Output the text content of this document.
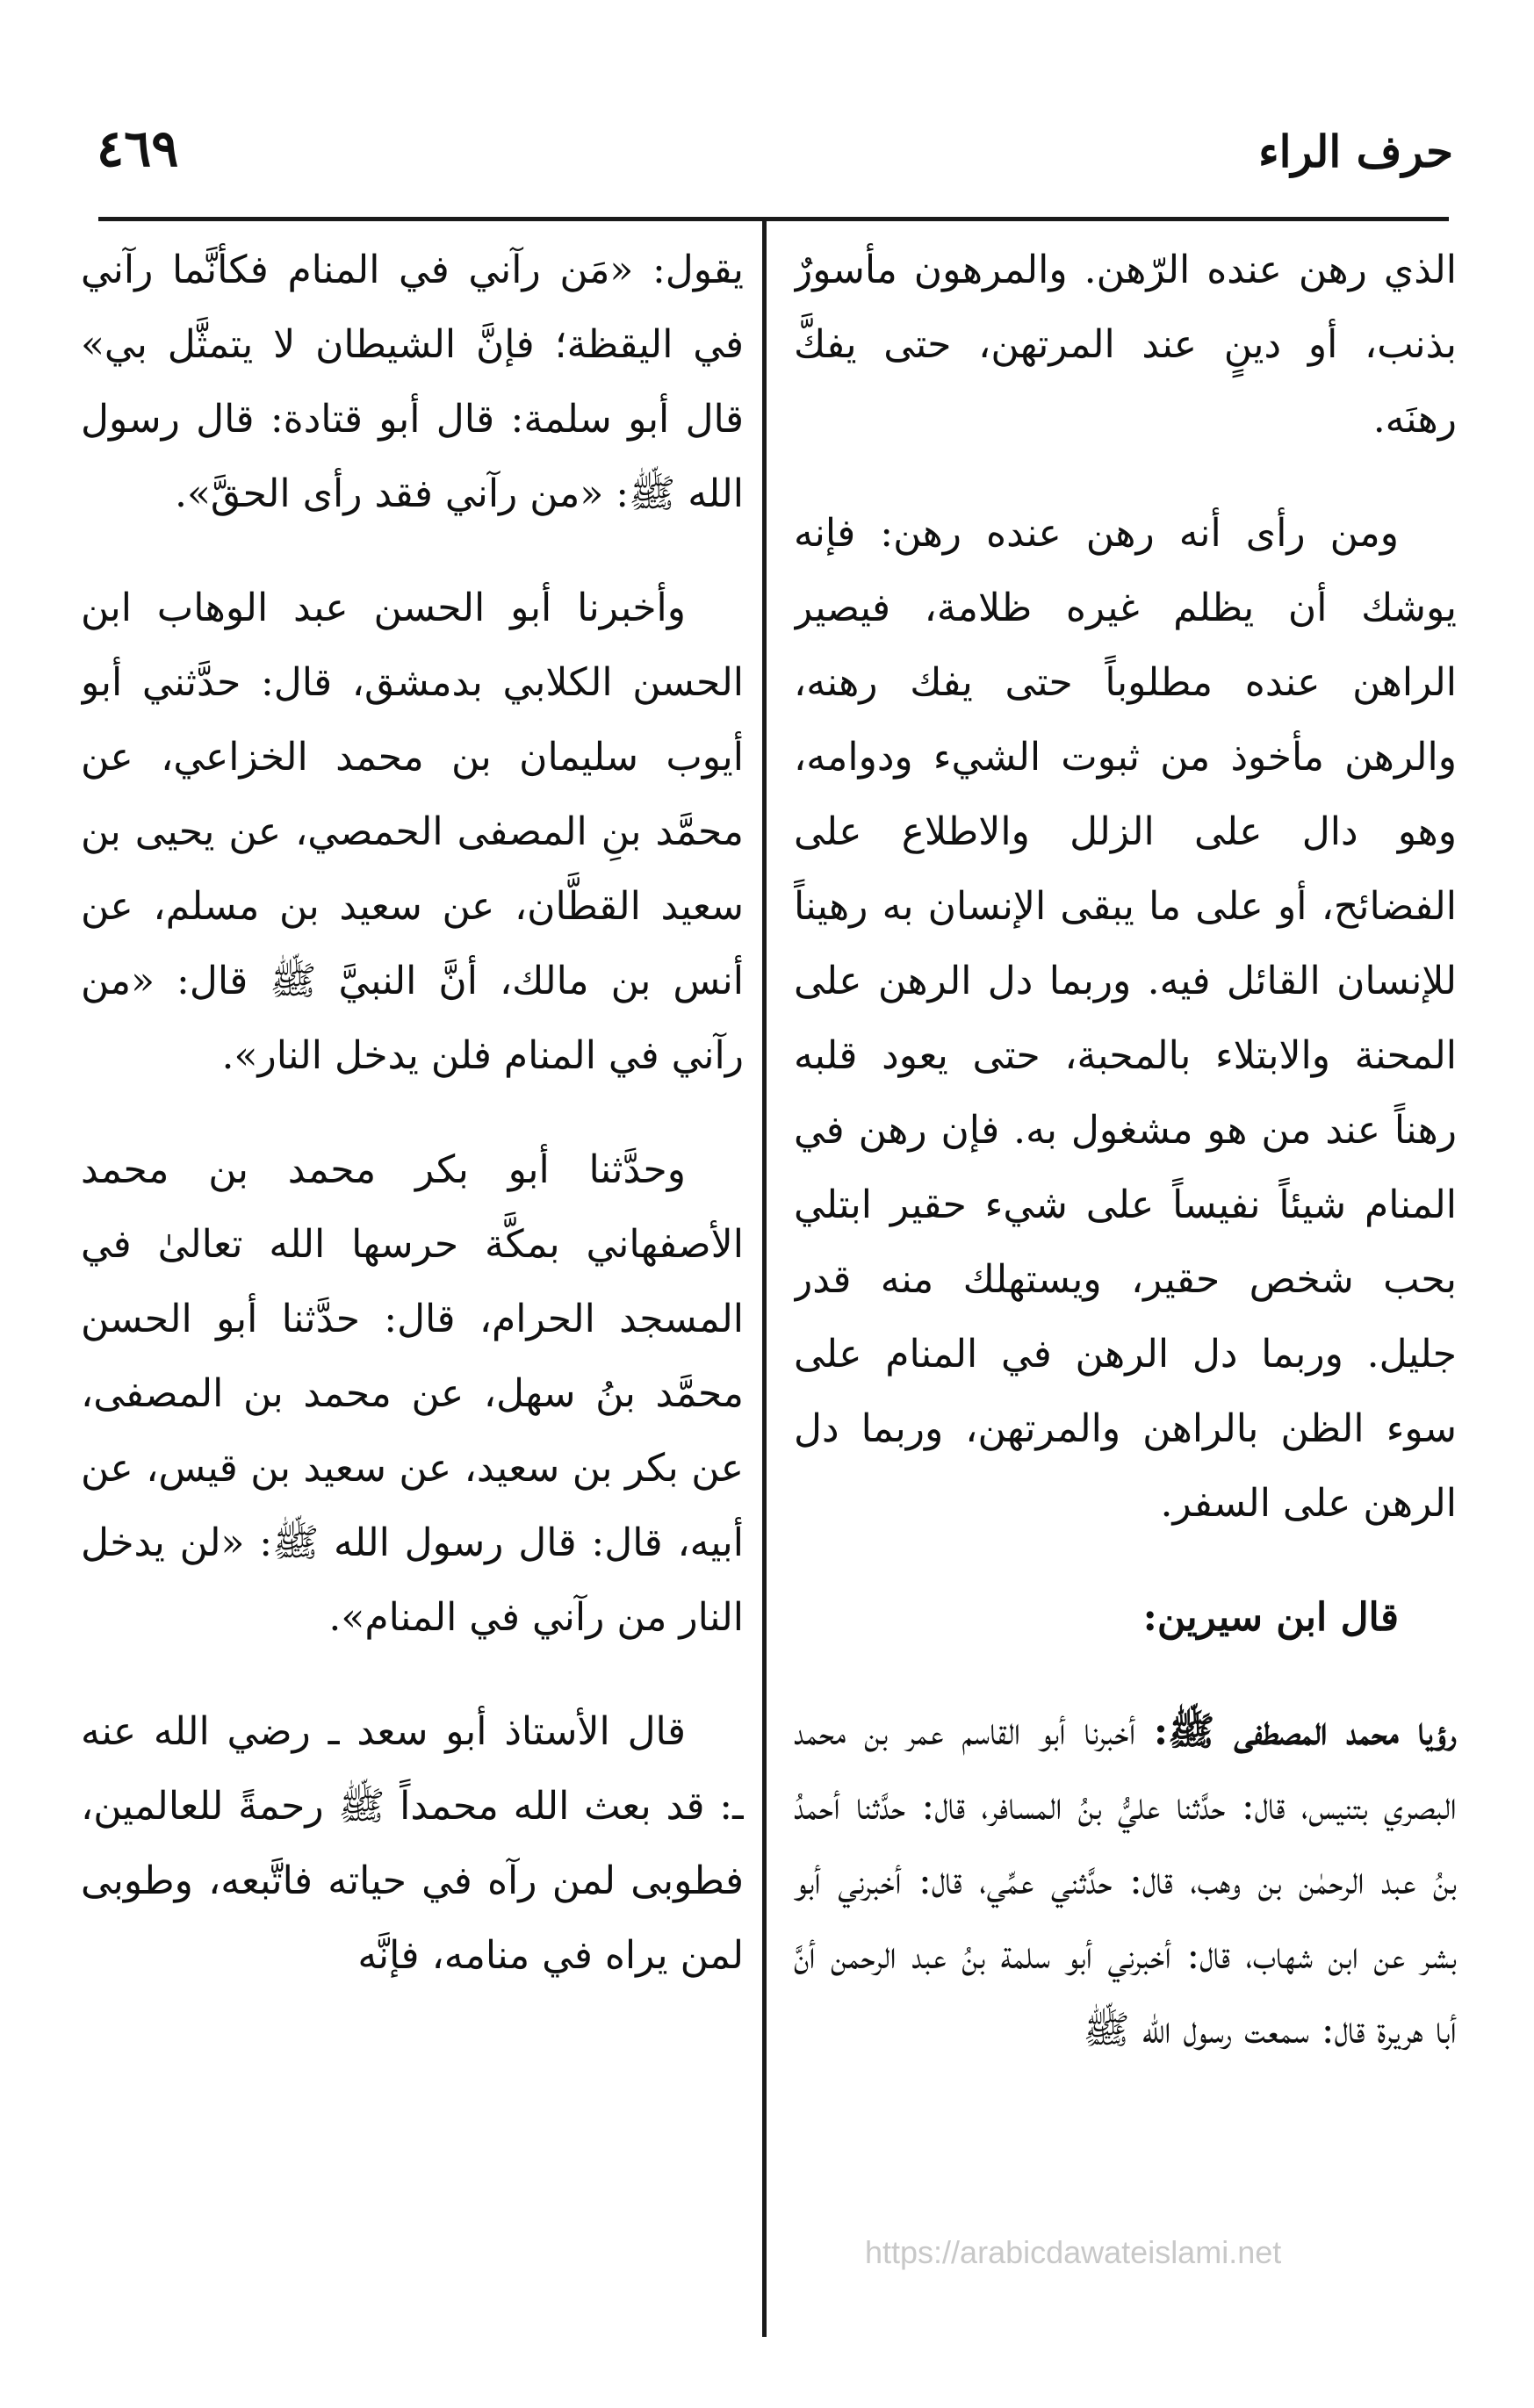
حرف الراء
٤٦٩

الذي رهن عنده الرّهن. والمرهون مأسورٌ بذنب، أو دينٍ عند المرتهن، حتى يفكَّ رهنَه.

ومن رأى أنه رهن عنده رهن: فإنه يوشك أن يظلم غيره ظلامة، فيصير الراهن عنده مطلوباً حتى يفك رهنه، والرهن مأخوذ من ثبوت الشيء ودوامه، وهو دال على الزلل والاطلاع على الفضائح، أو على ما يبقى الإنسان به رهيناً للإنسان القائل فيه. وربما دل الرهن على المحنة والابتلاء بالمحبة، حتى يعود قلبه رهناً عند من هو مشغول به. فإن رهن في المنام شيئاً نفيساً على شيء حقير ابتلي بحب شخص حقير، ويستهلك منه قدر جليل. وربما دل الرهن في المنام على سوء الظن بالراهن والمرتهن، وربما دل الرهن على السفر.

قال ابن سيرين:

رؤيا محمد المصطفى ﷺ: أخبرنا أبو القاسم عمر بن محمد البصري بتنيس، قال: حدَّثنا عليُّ بنُ المسافر، قال: حدَّثنا أحمدُ بنُ عبد الرحمٰن بن وهب، قال: حدَّثني عمِّي، قال: أخبرني أبو بشر عن ابن شهاب، قال: أخبرني أبو سلمة بنُ عبد الرحمن أنَّ أبا هريرة قال: سمعت رسول الله ﷺ

يقول: «مَن رآني في المنام فكأنَّما رآني في اليقظة؛ فإنَّ الشيطان لا يتمثَّل بي» قال أبو سلمة: قال أبو قتادة: قال رسول الله ﷺ: «من رآني فقد رأى الحقَّ».

وأخبرنا أبو الحسن عبد الوهاب ابن الحسن الكلابي بدمشق، قال: حدَّثني أبو أيوب سليمان بن محمد الخزاعي، عن محمَّد بنِ المصفى الحمصي، عن يحيى بن سعيد القطَّان، عن سعيد بن مسلم، عن أنس بن مالك، أنَّ النبيَّ ﷺ قال: «من رآني في المنام فلن يدخل النار».

وحدَّثنا أبو بكر محمد بن محمد الأصفهاني بمكَّة حرسها الله تعالىٰ في المسجد الحرام، قال: حدَّثنا أبو الحسن محمَّد بنُ سهل، عن محمد بن المصفى، عن بكر بن سعيد، عن سعيد بن قيس، عن أبيه، قال: قال رسول الله ﷺ: «لن يدخل النار من رآني في المنام».

قال الأستاذ أبو سعد ـ رضي الله عنه ـ: قد بعث الله محمداً ﷺ رحمةً للعالمين، فطوبى لمن رآه في حياته فاتَّبعه، وطوبى لمن يراه في منامه، فإنَّه

https://arabicdawateislami.net
